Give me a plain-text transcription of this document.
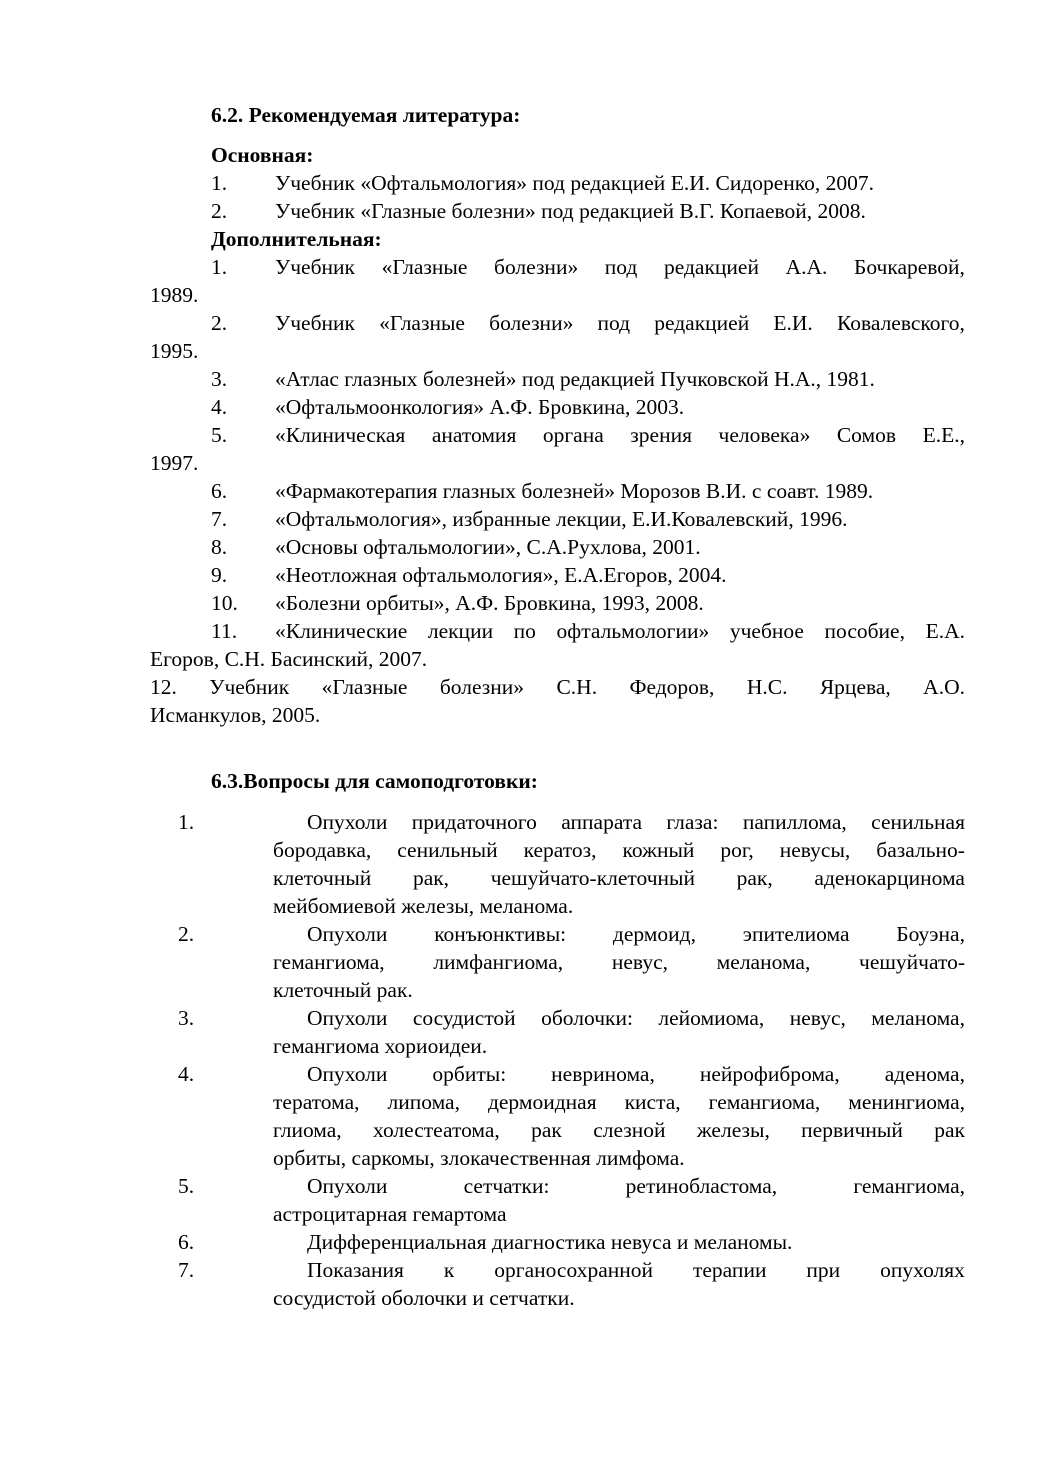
6.2. Рекомендуемая литература:
Основная:
1. Учебник «Офтальмология» под редакцией Е.И. Сидоренко, 2007.
2. Учебник «Глазные болезни» под редакцией В.Г. Копаевой, 2008.
Дополнительная:
1. Учебник «Глазные болезни» под редакцией А.А. Бочкаревой,
1989.
2. Учебник «Глазные болезни» под редакцией Е.И. Ковалевского,
1995.
3. «Атлас глазных болезней» под редакцией Пучковской Н.А., 1981.
4. «Офтальмоонкология» А.Ф. Бровкина, 2003.
5. «Клиническая анатомия органа зрения человека» Сомов Е.Е.,
1997.
6. «Фармакотерапия глазных болезней» Морозов В.И. с соавт. 1989.
7. «Офтальмология», избранные лекции, Е.И.Ковалевский, 1996.
8. «Основы офтальмологии», С.А.Рухлова, 2001.
9. «Неотложная офтальмология», Е.А.Егоров, 2004.
10. «Болезни орбиты», А.Ф. Бровкина, 1993, 2008.
11. «Клинические лекции по офтальмологии» учебное пособие, Е.А.
Егоров, С.Н. Басинский, 2007.
12. Учебник «Глазные болезни» С.Н. Федоров, Н.С. Ярцева, А.О.
Исманкулов, 2005.
6.3.Вопросы для самоподготовки:
1.	Опухоли придаточного аппарата глаза: папиллома, сенильная
бородавка, сенильный кератоз, кожный рог, невусы, базально-
клеточный рак, чешуйчато-клеточный рак, аденокарцинома
мейбомиевой железы, меланома.
2.	Опухоли конъюнктивы: дермоид, эпителиома Боуэна,
гемангиома, лимфангиома, невус, меланома, чешуйчато-
клеточный рак.
3.	Опухоли сосудистой оболочки: лейомиома, невус, меланома,
гемангиома хориоидеи.
4.	Опухоли орбиты: невринома, нейрофиброма, аденома,
тератома, липома, дермоидная киста, гемангиома, менингиома,
глиома, холестеатома, рак слезной железы, первичный рак
орбиты, саркомы, злокачественная лимфома.
5.	Опухоли	сетчатки:	ретинобластома,	гемангиома,
астроцитарная гемартома
6.	Дифференциальная диагностика невуса и меланомы.
7.	Показания к органосохранной терапии при опухолях
сосудистой оболочки и сетчатки.
